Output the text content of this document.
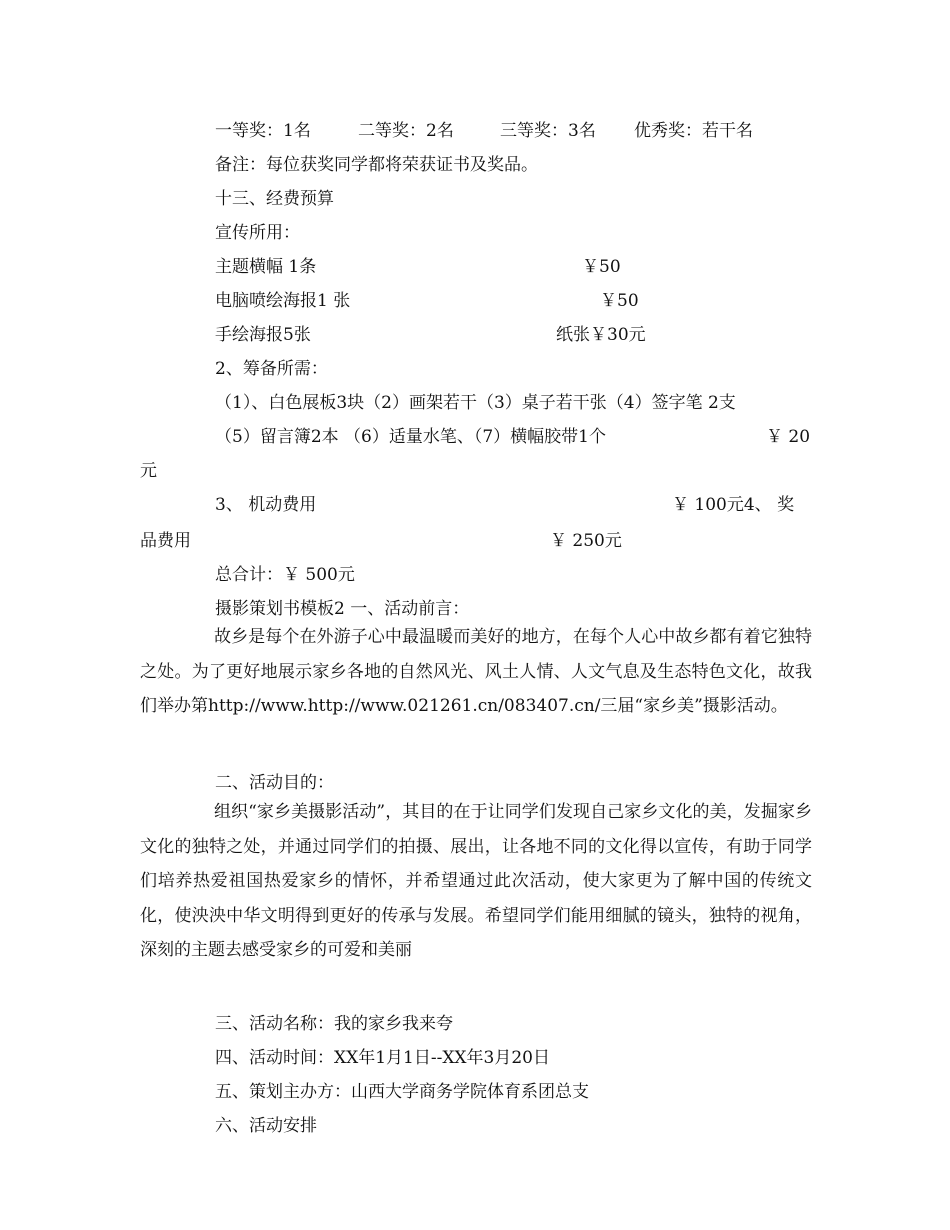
一等奖：1名	二等奖：2名	三等奖：3名 优秀奖：若干名
备注：每位获奖同学都将荣获证书及奖品。
十三、经费预算
宣传所用：
主题横幅 1条	￥50
电脑喷绘海报1 张	￥50
手绘海报5张	纸张￥30元
2、筹备所需：
（1）、白色展板3块（2）画架若干（3）桌子若干张（4）签字笔 2支
（5）留言簿2本 （6）适量水笔、（7）横幅胶带1个	￥ 20
元
3、 机动费用	￥ 100元4、 奖
品费用	￥ 250元
总合计：￥ 500元
摄影策划书模板2 一、活动前言：
故乡是每个在外游子心中最温暖而美好的地方，在每个人心中故乡都有着它独特之处。为了更好地展示家乡各地的自然风光、风土人情、人文气息及生态特色文化，故我们举办第http://www.http://www.021261.cn/083407.cn/三届“家乡美”摄影活动。
二、活动目的：
组织“家乡美摄影活动”，其目的在于让同学们发现自己家乡文化的美，发掘家乡文化的独特之处，并通过同学们的拍摄、展出，让各地不同的文化得以宣传，有助于同学们培养热爱祖国热爱家乡的情怀，并希望通过此次活动，使大家更为了解中国的传统文化，使泱泱中华文明得到更好的传承与发展。希望同学们能用细腻的镜头，独特的视角，深刻的主题去感受家乡的可爱和美丽
三、活动名称：我的家乡我来夸
四、活动时间：XX年1月1日--XX年3月20日
五、策划主办方：山西大学商务学院体育系团总支
六、活动安排
